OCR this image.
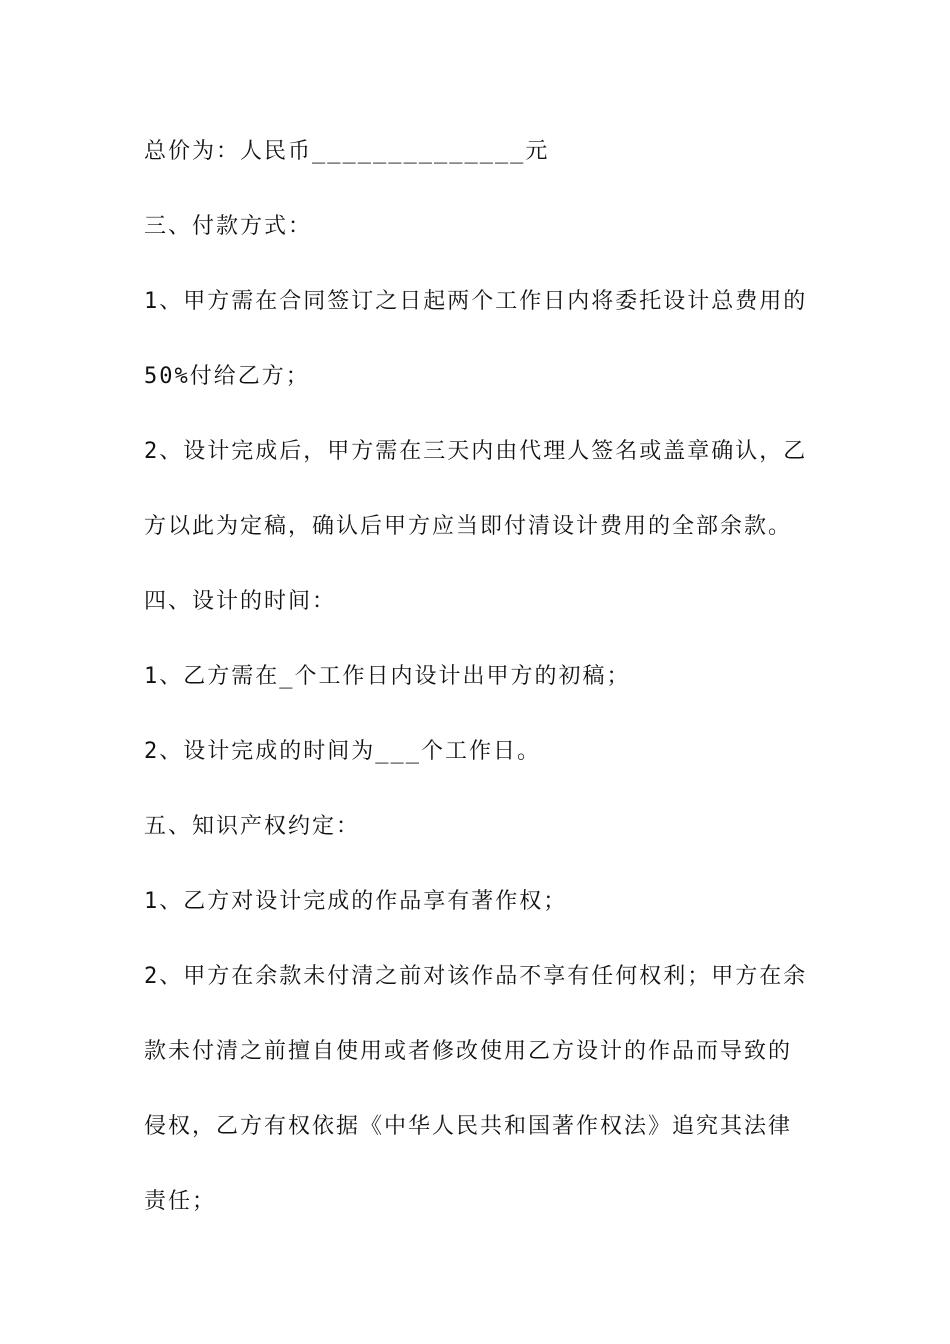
总价为：人民币______________元
三、付款方式：
1、甲方需在合同签订之日起两个工作日内将委托设计总费用的
50%付给乙方；
2、设计完成后，甲方需在三天内由代理人签名或盖章确认，乙
方以此为定稿，确认后甲方应当即付清设计费用的全部余款。
四、设计的时间：
1、乙方需在_个工作日内设计出甲方的初稿；
2、设计完成的时间为___个工作日。
五、知识产权约定：
1、乙方对设计完成的作品享有著作权；
2、甲方在余款未付清之前对该作品不享有任何权利；甲方在余
款未付清之前擅自使用或者修改使用乙方设计的作品而导致的
侵权，乙方有权依据《中华人民共和国著作权法》追究其法律
责任；
